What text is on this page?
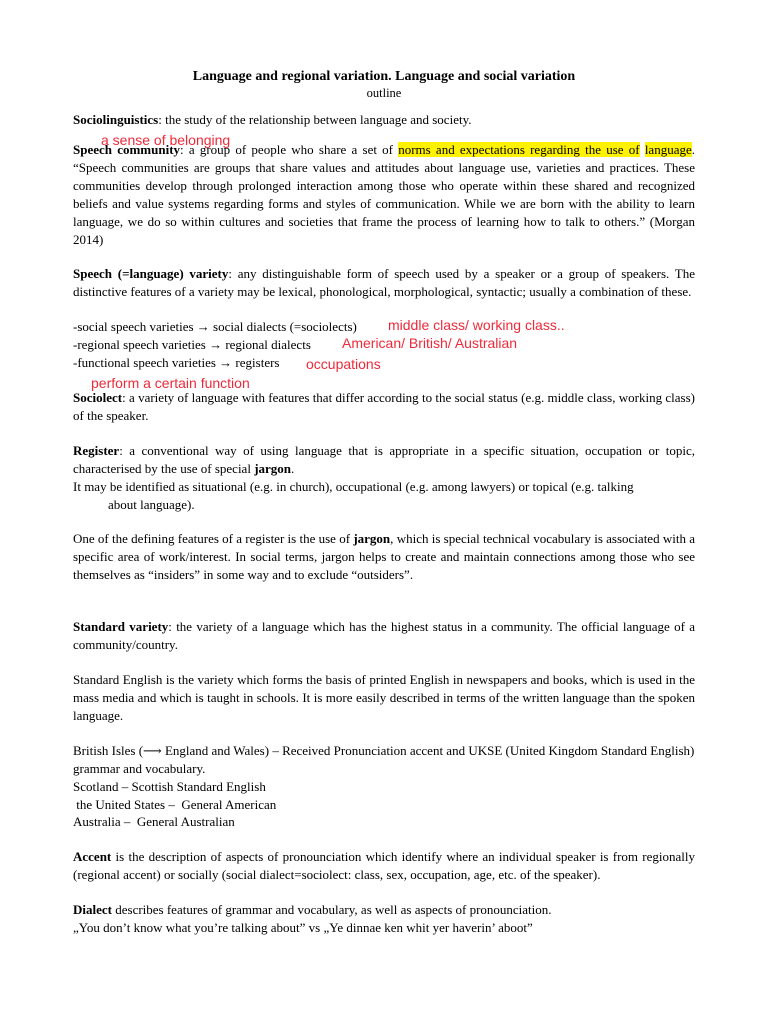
Language and regional variation. Language and social variation
outline

Sociolinguistics: the study of the relationship between language and society.

a sense of belonging

Speech community: a group of people who share a set of norms and expectations regarding the use of language. “Speech communities are groups that share values and attitudes about language use, varieties and practices. These communities develop through prolonged interaction among those who operate within these shared and recognized beliefs and value systems regarding forms and styles of communication. While we are born with the ability to learn language, we do so within cultures and societies that frame the process of learning how to talk to others.” (Morgan 2014)

Speech (=language) variety: any distinguishable form of speech used by a speaker or a group of speakers. The distinctive features of a variety may be lexical, phonological, morphological, syntactic; usually a combination of these.

-social speech varieties → social dialects (=sociolects)	middle class/ working class..

-regional speech varieties → regional dialects	American/ British/ Australian

-functional speech varieties → registers	occupations
perform a certain function

Sociolect: a variety of language with features that differ according to the social status (e.g. middle class, working class) of the speaker.

Register: a conventional way of using language that is appropriate in a specific situation, occupation or topic, characterised by the use of special jargon.

It may be identified as situational (e.g. in church), occupational (e.g. among lawyers) or topical (e.g. talking

about language).

One of the defining features of a register is the use of jargon, which is special technical vocabulary is associated with a specific area of work/interest. In social terms, jargon helps to create and maintain connections among those who see themselves as “insiders” in some way and to exclude “outsiders”.

Standard variety: the variety of a language which has the highest status in a community. The official language of a community/country.

Standard English is the variety which forms the basis of printed English in newspapers and books, which is used in the mass media and which is taught in schools. It is more easily described in terms of the written language than the spoken language.

British Isles (⟶ England and Wales) – Received Pronunciation accent and UKSE (United Kingdom Standard English) grammar and vocabulary.

Scotland – Scottish Standard English

the United States –  General American

Australia –  General Australian

Accent is the description of aspects of pronounciation which identify where an individual speaker is from regionally (regional accent) or socially (social dialect=sociolect: class, sex, occupation, age, etc. of the speaker).

Dialect describes features of grammar and vocabulary, as well as aspects of pronounciation.

„You don’t know what you’re talking about” vs „Ye dinnae ken whit yer haverin’ aboot”
